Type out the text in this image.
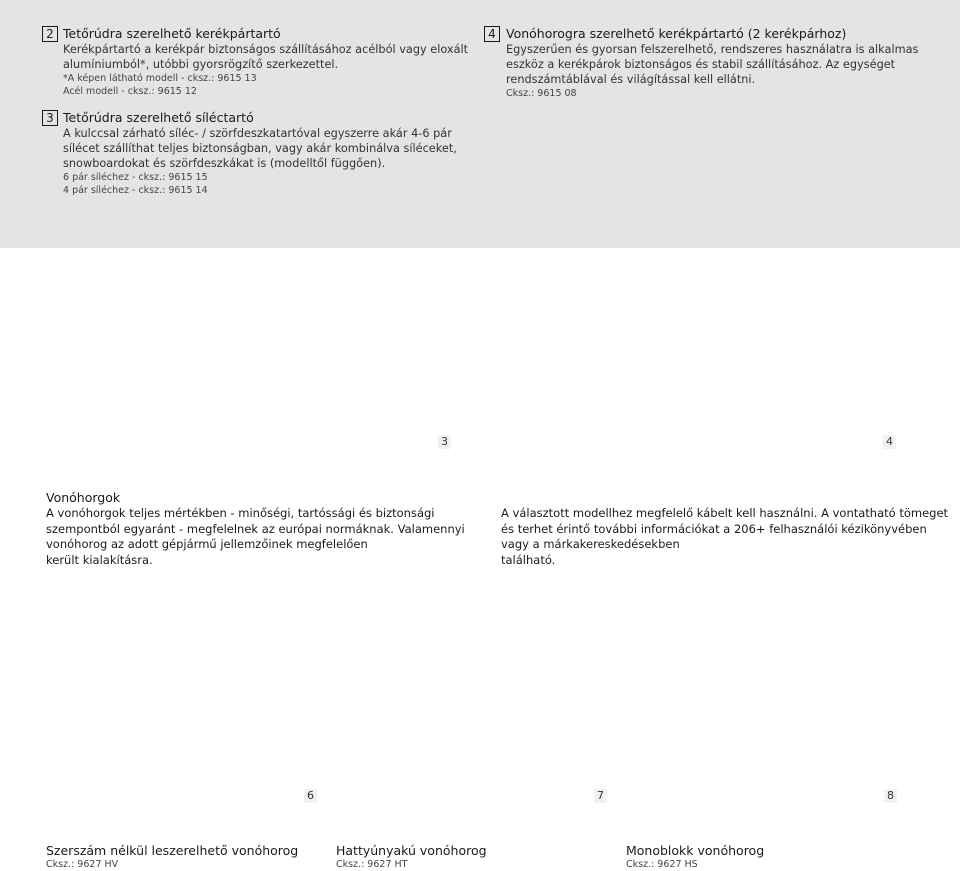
2 Tetőrúdra szerelhető kerékpártartó

Kerékpártartó a kerékpár biztonságos szállításához acélból vagy eloxált

alumíniumból*, utóbbi gyorsrögzítő szerkezettel.

*A képen látható modell - cksz.: 9615 13

Acél modell - cksz.: 9615 12

3 Tetőrúdra szerelhető síléctartó

A kulccsal zárható síléc- / szörfdeszkatartóval egyszerre akár 4-6 pár

sílécet szállíthat teljes biztonságban, vagy akár kombinálva síléceket,

snowboardokat és szörfdeszkákat is (modelltől függően).

6 pár síléchez - cksz.: 9615 15

4 pár síléchez - cksz.: 9615 14

4 Vonóhorogra szerelhető kerékpártartó (2 kerékpárhoz)

Egyszerűen és gyorsan felszerelhető, rendszeres használatra is alkalmas

eszköz a kerékpárok biztonságos és stabil szállításához. Az egységet

rendszámtáblával és világítással kell ellátni.

Cksz.: 9615 08

3	4
6	7	8
Vonóhorgok
A vonóhorgok teljes mértékben - minőségi, tartóssági és biztonsági
szempontból egyaránt - megfelelnek az európai normáknak. Valamennyi
vonóhorog az adott gépjármű jellemzőinek megfelelően
került kialakításra.
A választott modellhez megfelelő kábelt kell használni. A vontatható tömeget
és terhet érintő további információkat a 206+ felhasználói kézikönyvében
vagy a márkakereskedésekben
található.
Szerszám nélkül leszerelhető vonóhorog
Cksz.: 9627 HV
Hattyúnyakú vonóhorog
Cksz.: 9627 HT
Monoblokk vonóhorog
Cksz.: 9627 HS
